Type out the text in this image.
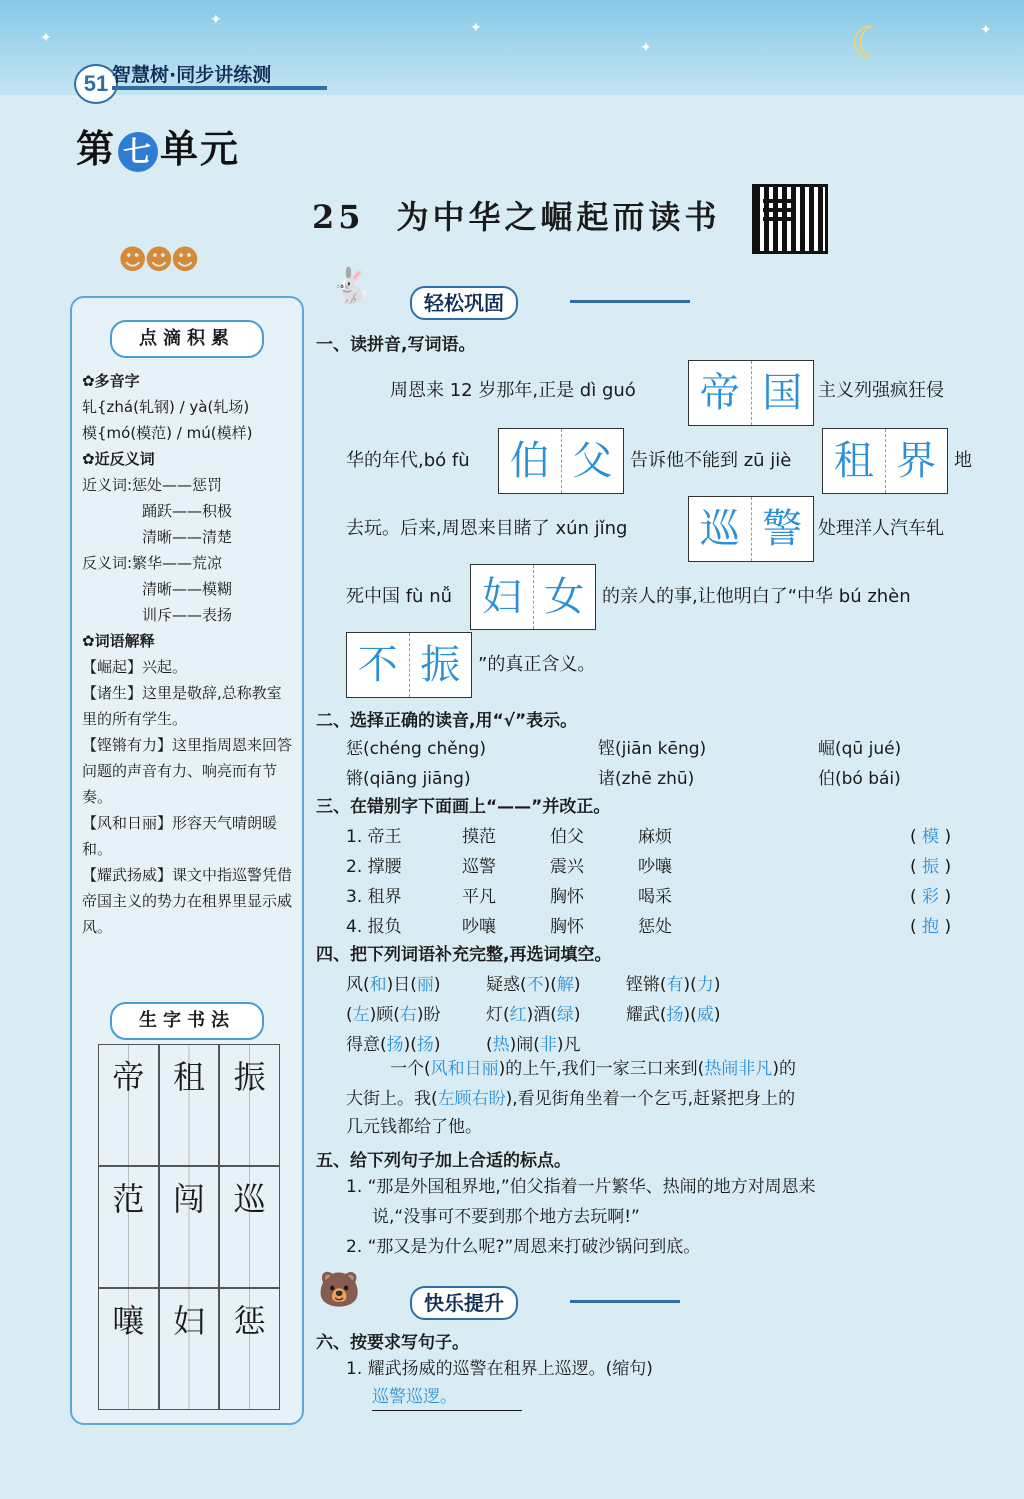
✦
✦	✦
✦
✦
☾
51 智慧树·同步讲练测
第 七 单元
25 为中华之崛起而读书
☻☻☻
点滴积累
✿多音字
轧{zhá(轧钢) / yà(轧场)
模{mó(模范) / mú(模样)
✿近反义词
近义词:惩处——惩罚
踊跃——积极
清晰——清楚
反义词:繁华——荒凉
清晰——模糊
训斥——表扬
✿词语解释
【崛起】兴起。
【诸生】这里是敬辞,总称教室里的所有学生。
【铿锵有力】这里指周恩来回答问题的声音有力、响亮而有节奏。
【风和日丽】形容天气晴朗暖和。
【耀武扬威】课文中指巡警凭借帝国主义的势力在租界里显示威风。
生字书法
帝 租 振
范 闯 巡
嚷 妇 惩
🐇	轻松巩固
一、读拼音,写词语。
周恩来 12 岁那年,正是 dì guó 帝 国 主义列强疯狂侵
华的年代,bó fù 伯 父 告诉他不能到 zū jiè 租 界 地
去玩。后来,周恩来目睹了 xún jǐng 巡 警 处理洋人汽车轧
死中国 fù nǚ 妇 女 的亲人的事,让他明白了“中华 bú zhèn
不 振 ”的真正含义。
二、选择正确的读音,用“√”表示。
惩(chéng chěng)	铿(jiān kēng)	崛(qū jué)
锵(qiāng jiāng)	诸(zhē zhū)	伯(bó bái)
三、在错别字下面画上“——”并改正。
1. 帝王	摸范	伯父	麻烦	( 模 )
2. 撑腰	巡警	震兴	吵嚷	( 振 )
3. 租界	平凡	胸怀	喝采	( 彩 )
4. 报负	吵嚷	胸怀	惩处	( 抱 )
四、把下列词语补充完整,再选词填空。
风(和)日(丽)	疑惑(不)(解)	铿锵(有)(力)
(左)顾(右)盼	灯(红)酒(绿)	耀武(扬)(威)
得意(扬)(扬)	(热)闹(非)凡
一个(风和日丽)的上午,我们一家三口来到(热闹非凡)的
大街上。我(左顾右盼),看见街角坐着一个乞丐,赶紧把身上的
几元钱都给了他。
五、给下列句子加上合适的标点。
1. “那是外国租界地,”伯父指着一片繁华、热闹的地方对周恩来
说,“没事可不要到那个地方去玩啊!”
2. “那又是为什么呢?”周恩来打破沙锅问到底。
🐻	快乐提升
六、按要求写句子。
1. 耀武扬威的巡警在租界上巡逻。(缩句)
巡警巡逻。
